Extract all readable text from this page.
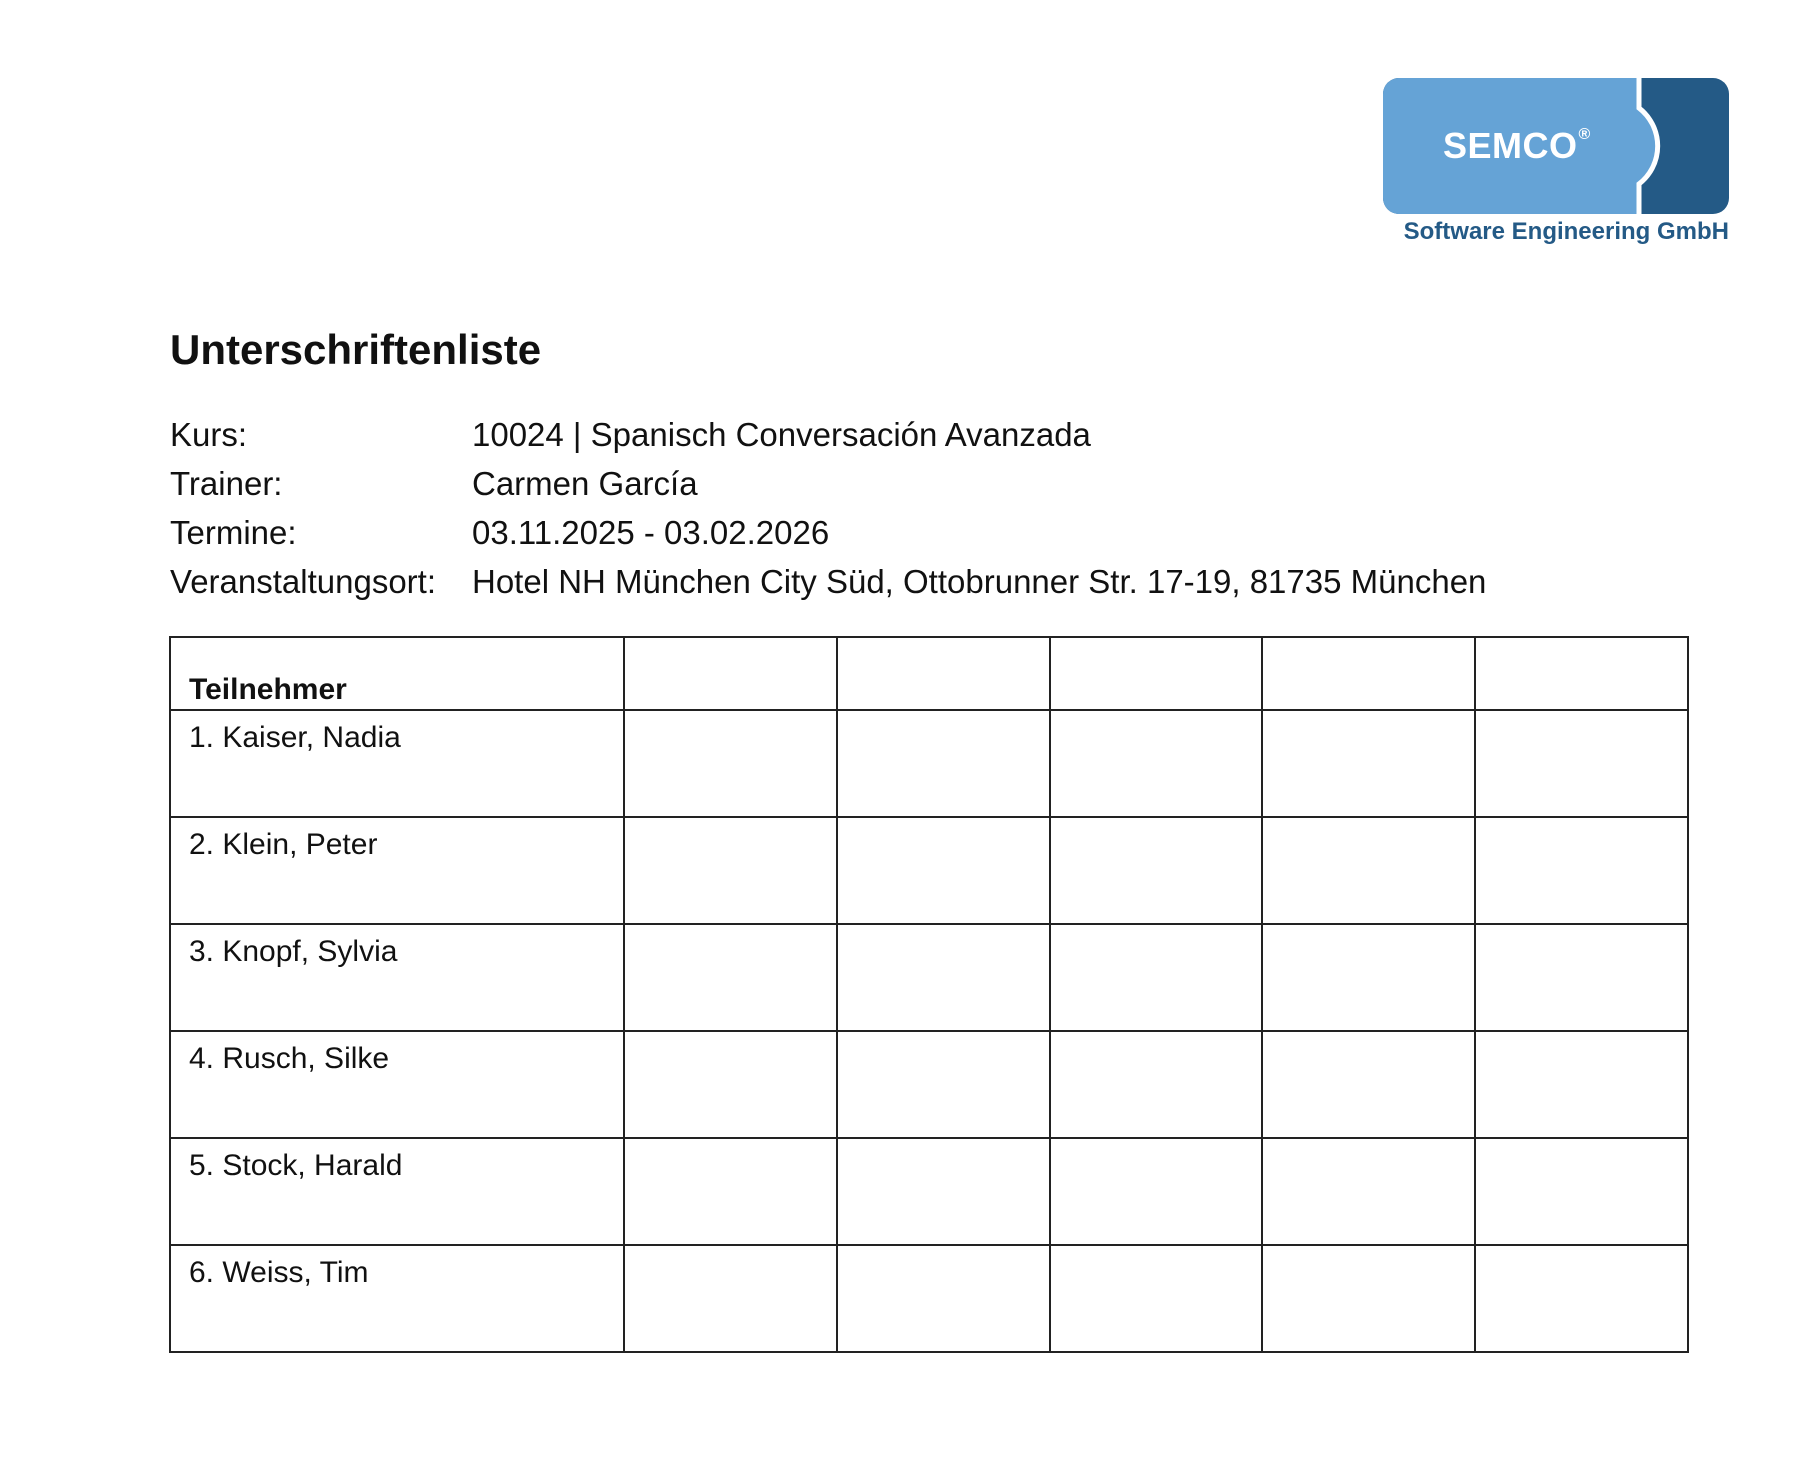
SEMCO®
Software Engineering GmbH
Unterschriftenliste
Kurs:	10024 | Spanisch Conversación Avanzada
Trainer:	Carmen García
Termine:	03.11.2025 - 03.02.2026
Veranstaltungsort:	Hotel NH München City Süd, Ottobrunner Str. 17-19, 81735 München
Teilnehmer					
1. Kaiser, Nadia					
2. Klein, Peter					
3. Knopf, Sylvia					
4. Rusch, Silke					
5. Stock, Harald					
6. Weiss, Tim					
